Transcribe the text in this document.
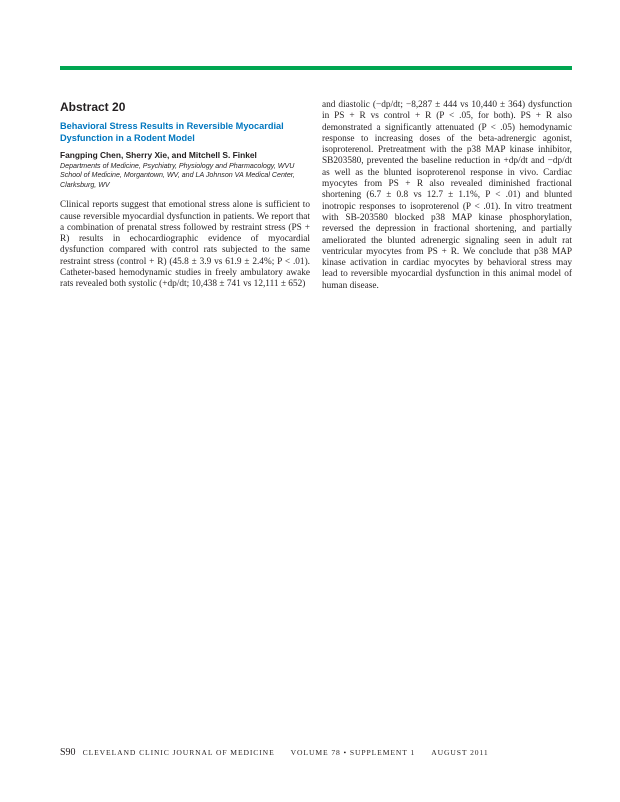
Abstract 20
Behavioral Stress Results in Reversible Myocardial Dysfunction in a Rodent Model
Fangping Chen, Sherry Xie, and Mitchell S. Finkel
Departments of Medicine, Psychiatry, Physiology and Pharmacology, WVU School of Medicine, Morgantown, WV, and LA Johnson VA Medical Center, Clarksburg, WV

Clinical reports suggest that emotional stress alone is sufficient to cause reversible myocardial dysfunction in patients. We report that a combination of prenatal stress followed by restraint stress (PS + R) results in echocardiographic evidence of myocardial dysfunction compared with control rats subjected to the same restraint stress (control + R) (45.8 ± 3.9 vs 61.9 ± 2.4%; P < .01). Catheter-based hemodynamic studies in freely ambulatory awake rats revealed both systolic (+dp/dt; 10,438 ± 741 vs 12,111 ± 652)

and diastolic (−dp/dt; −8,287 ± 444 vs 10,440 ± 364) dysfunction in PS + R vs control + R (P < .05, for both). PS + R also demonstrated a significantly attenuated (P < .05) hemodynamic response to increasing doses of the beta-adrenergic agonist, isoproterenol. Pretreatment with the p38 MAP kinase inhibitor, SB203580, prevented the baseline reduction in +dp/dt and −dp/dt as well as the blunted isoproterenol response in vivo. Cardiac myocytes from PS + R also revealed diminished fractional shortening (6.7 ± 0.8 vs 12.7 ± 1.1%, P < .01) and blunted inotropic responses to isoproterenol (P < .01). In vitro treatment with SB-203580 blocked p38 MAP kinase phosphorylation, reversed the depression in fractional shortening, and partially ameliorated the blunted adrenergic signaling seen in adult rat ventricular myocytes from PS + R. We conclude that p38 MAP kinase activation in cardiac myocytes by behavioral stress may lead to reversible myocardial dysfunction in this animal model of human disease.

S90 CLEVELAND CLINIC JOURNAL OF MEDICINE VOLUME 78 • SUPPLEMENT 1 AUGUST 2011
